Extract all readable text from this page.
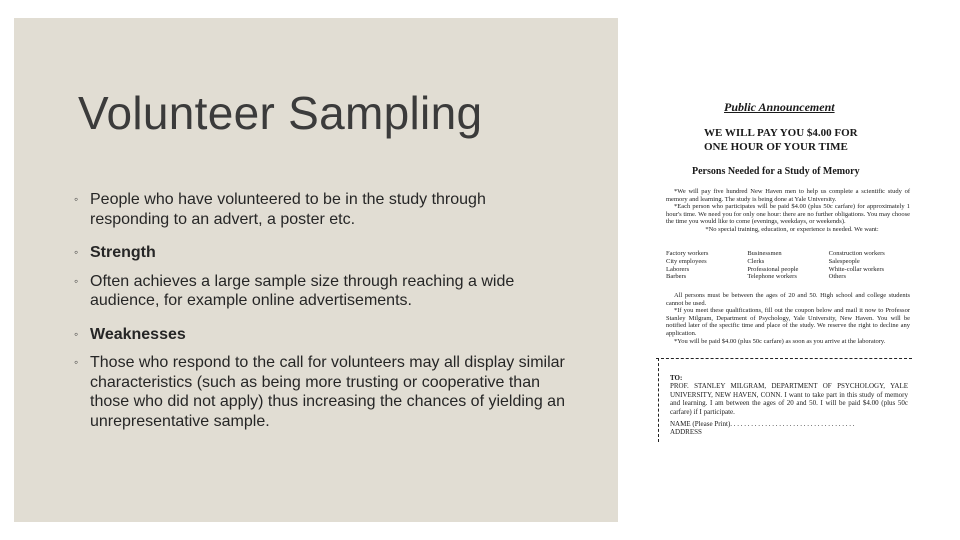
Volunteer Sampling
◦ People who have volunteered to be in the study through responding to an advert, a poster etc.
◦ Strength
◦ Often achieves a large sample size through reaching a wide audience, for example online advertisements.
◦ Weaknesses
◦ Those who respond to the call for volunteers may all display similar characteristics (such as being more trusting or cooperative than those who did not apply) thus increasing the chances of yielding an unrepresentative sample.
Public Announcement
WE WILL PAY YOU $4.00 FOR
ONE HOUR OF YOUR TIME
Persons Needed for a Study of Memory

*We will pay five hundred New Haven men to help us complete a scientific study of memory and learning. The study is being done at Yale University.

*Each person who participates will be paid $4.00 (plus 50c carfare) for approximately 1 hour's time. We need you for only one hour: there are no further obligations. You may choose the time you would like to come (evenings, weekdays, or weekends).

*No special training, education, or experience is needed. We want:

Factory workers	Businessmen	Construction workers
City employees	Clerks	Salespeople
Laborers	Professional people	White-collar workers
Barbers	Telephone workers	Others

All persons must be between the ages of 20 and 50. High school and college students cannot be used.

*If you meet these qualifications, fill out the coupon below and mail it now to Professor Stanley Milgram, Department of Psychology, Yale University, New Haven. You will be notified later of the specific time and place of the study. We reserve the right to decline any application.

*You will be paid $4.00 (plus 50c carfare) as soon as you arrive at the laboratory.

TO:
PROF. STANLEY MILGRAM, DEPARTMENT OF PSYCHOLOGY, YALE UNIVERSITY, NEW HAVEN, CONN. I want to take part in this study of memory and learning. I am between the ages of 20 and 50. I will be paid $4.00 (plus 50c carfare) if I participate.
NAME (Please Print). . . . . . . . . . . . . . . . . . . . . . . . . . . . . . . . . . . .
ADDRESS
